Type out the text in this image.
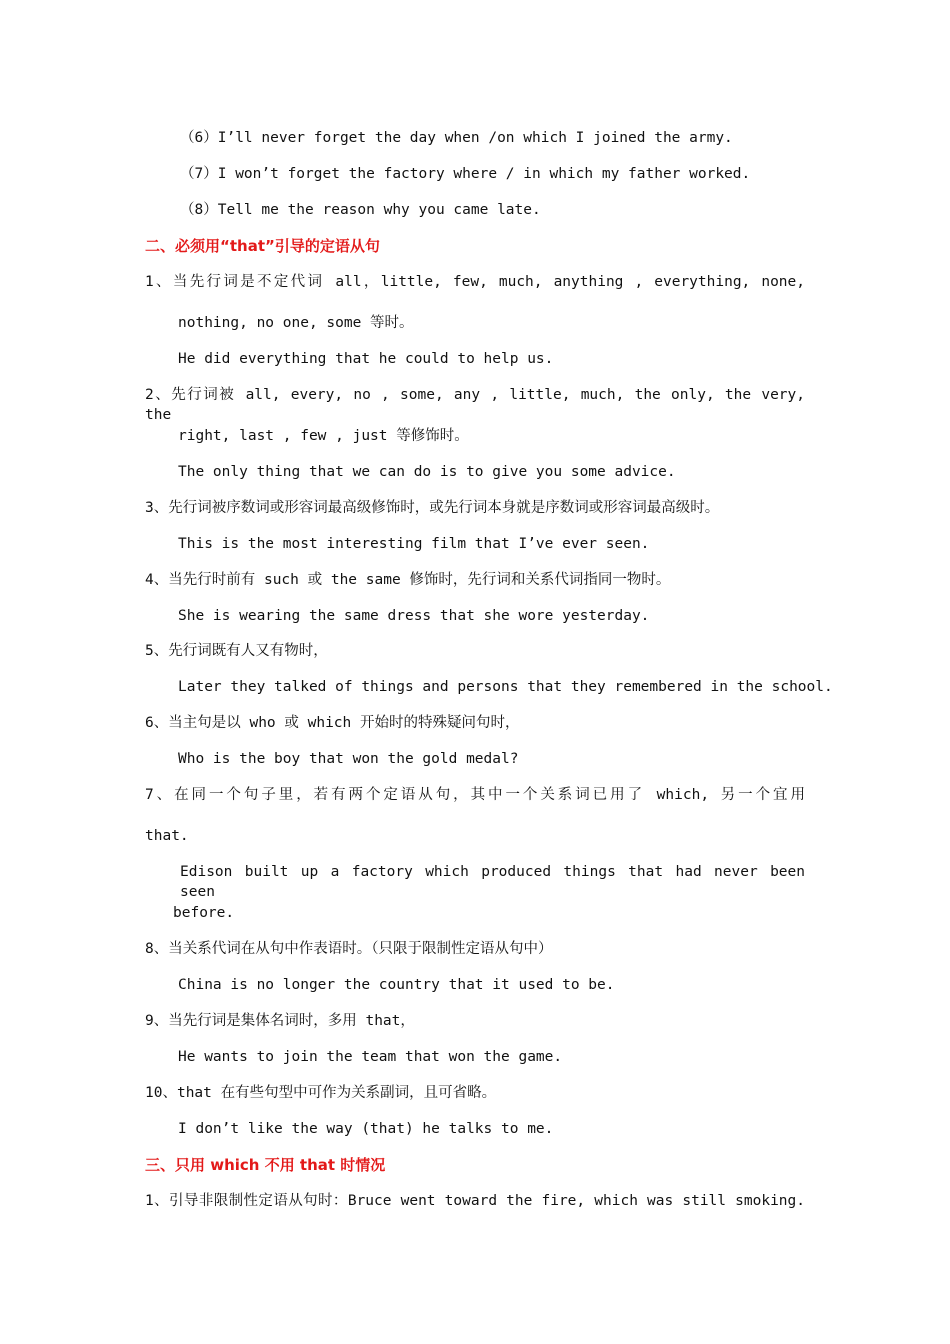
（6）I’ll never forget the day when /on which I joined the army.
（7）I won’t forget the factory where / in which my father worked.
（8）Tell me the reason why you came late.
二、必须用“that”引导的定语从句
1、当先行词是不定代词 all，little, few, much, anything , everything, none,
nothing, no one, some 等时。
He did everything that he could to help us.
2、先行词被 all, every, no , some, any , little, much, the only, the very, the
right, last , few , just 等修饰时。
The only thing that we can do is to give you some advice.
3、先行词被序数词或形容词最高级修饰时，或先行词本身就是序数词或形容词最高级时。
This is the most interesting film that I’ve ever seen.
4、当先行时前有 such 或 the same 修饰时，先行词和关系代词指同一物时。
She is wearing the same dress that she wore yesterday.
5、先行词既有人又有物时，
Later they talked of things and persons that they remembered in the school.
6、当主句是以 who 或 which 开始时的特殊疑问句时，
Who is the boy that won the gold medal?
7、在同一个句子里，若有两个定语从句，其中一个关系词已用了 which, 另一个宜用
that.
Edison built up a factory which produced things that had never been seen
before.
8、当关系代词在从句中作表语时。（只限于限制性定语从句中）
China is no longer the country that it used to be.
9、当先行词是集体名词时，多用 that，
He wants to join the team that won the game.
10、that 在有些句型中可作为关系副词，且可省略。
I don’t like the way (that) he talks to me.
三、只用 which 不用 that 时情况
1、引导非限制性定语从句时：Bruce went toward the fire, which was still smoking.
